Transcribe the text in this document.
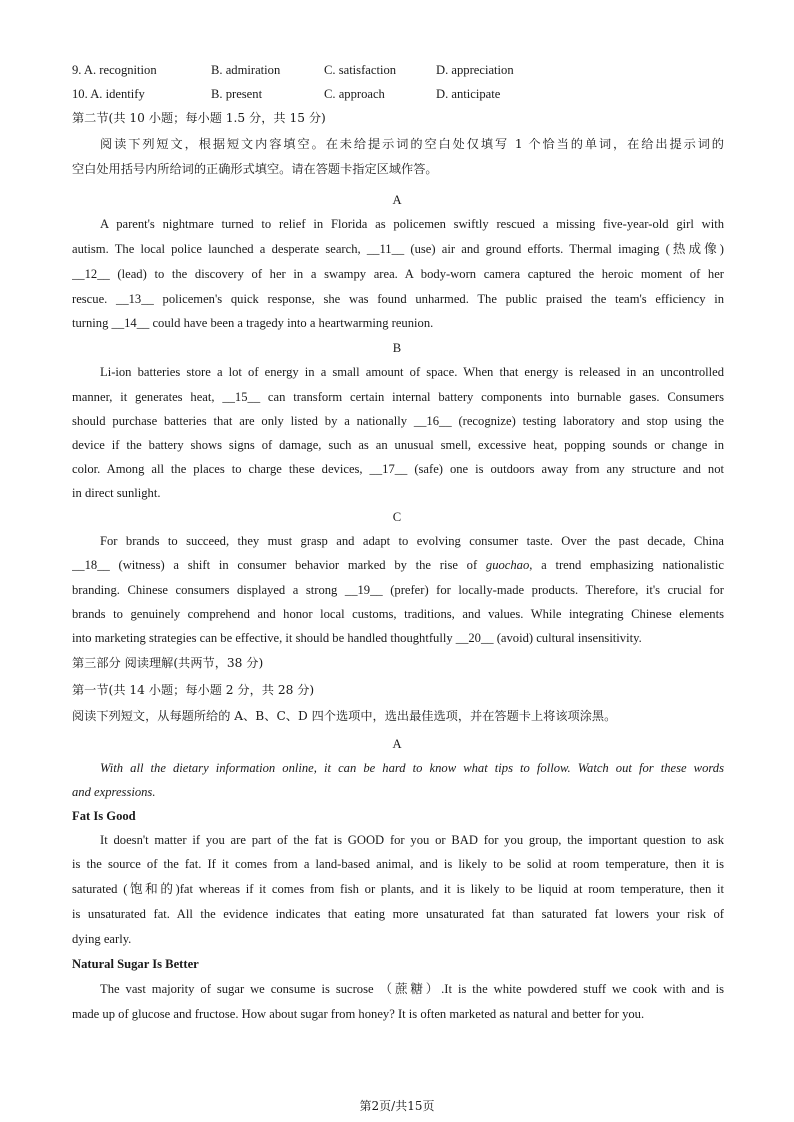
9. A. recognition	B. admiration	C. satisfaction	D. appreciation
10. A. identify	B. present	C. approach	D. anticipate
第二节(共 10 小题；每小题 1.5 分，共 15 分)
阅读下列短文，根据短文内容填空。在未给提示词的空白处仅填写 1 个恰当的单词，在给出提示词的
空白处用括号内所给词的正确形式填空。请在答题卡指定区域作答。
A
A parent's nightmare turned to relief in Florida as policemen swiftly rescued a missing five-year-old girl with
autism. The local police launched a desperate search, __11__ (use) air and ground efforts. Thermal imaging (热成像)
__12__ (lead) to the discovery of her in a swampy area. A body-worn camera captured the heroic moment of her
rescue. __13__ policemen's quick response, she was found unharmed. The public praised the team's efficiency in
turning __14__ could have been a tragedy into a heartwarming reunion.
B
Li-ion batteries store a lot of energy in a small amount of space. When that energy is released in an uncontrolled
manner, it generates heat, __15__ can transform certain internal battery components into burnable gases. Consumers
should purchase batteries that are only listed by a nationally __16__ (recognize) testing laboratory and stop using the
device if the battery shows signs of damage, such as an unusual smell, excessive heat, popping sounds or change in
color. Among all the places to charge these devices, __17__ (safe) one is outdoors away from any structure and not
in direct sunlight.
C
For brands to succeed, they must grasp and adapt to evolving consumer taste. Over the past decade, China
__18__ (witness) a shift in consumer behavior marked by the rise of guochao, a trend emphasizing nationalistic
branding. Chinese consumers displayed a strong __19__ (prefer) for locally-made products. Therefore, it's crucial for
brands to genuinely comprehend and honor local customs, traditions, and values. While integrating Chinese elements
into marketing strategies can be effective, it should be handled thoughtfully __20__ (avoid) cultural insensitivity.
第三部分 阅读理解(共两节，38 分)
第一节(共 14 小题；每小题 2 分，共 28 分)
阅读下列短文，从每题所给的 A、B、C、D 四个选项中，选出最佳选项，并在答题卡上将该项涂黑。
A
With all the dietary information online, it can be hard to know what tips to follow. Watch out for these words
and expressions.
Fat Is Good
It doesn't matter if you are part of the fat is GOOD for you or BAD for you group, the important question to ask
is the source of the fat. If it comes from a land-based animal, and is likely to be solid at room temperature, then it is
saturated (饱和的)fat whereas if it comes from fish or plants, and it is likely to be liquid at room temperature, then it
is unsaturated fat. All the evidence indicates that eating more unsaturated fat than saturated fat lowers your risk of
dying early.
Natural Sugar Is Better
The vast majority of sugar we consume is sucrose （蔗糖）.It is the white powdered stuff we cook with and is
made up of glucose and fructose. How about sugar from honey? It is often marketed as natural and better for you.
第2页/共15页
